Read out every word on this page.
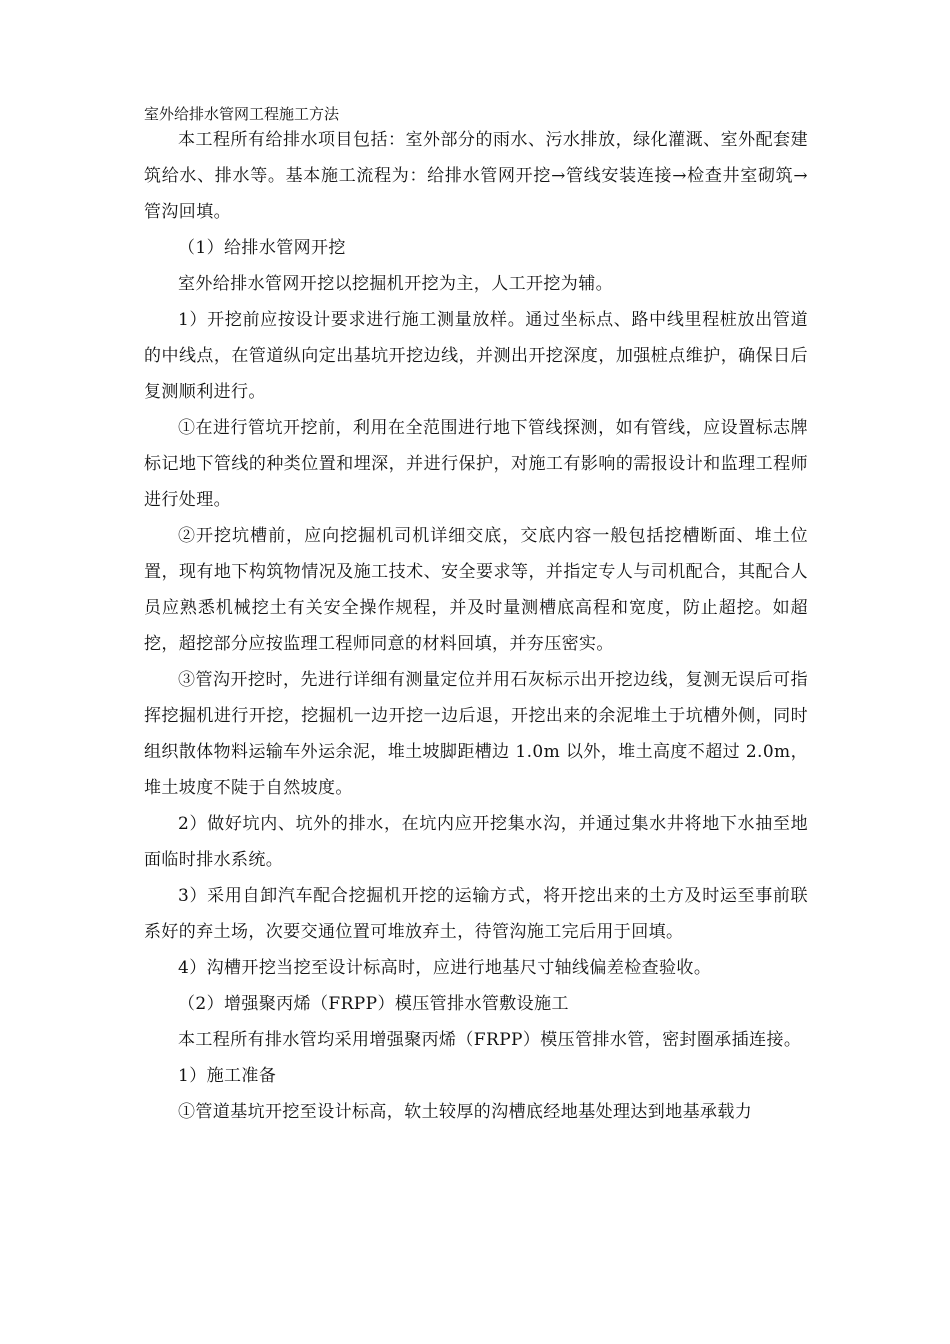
室外给排水管网工程施工方法

本工程所有给排水项目包括：室外部分的雨水、污水排放，绿化灌溉、室外配套建筑给水、排水等。基本施工流程为：给排水管网开挖→管线安装连接→检查井室砌筑→管沟回填。

（1）给排水管网开挖

室外给排水管网开挖以挖掘机开挖为主，人工开挖为辅。

1）开挖前应按设计要求进行施工测量放样。通过坐标点、路中线里程桩放出管道的中线点，在管道纵向定出基坑开挖边线，并测出开挖深度，加强桩点维护，确保日后复测顺利进行。

①在进行管坑开挖前，利用在全范围进行地下管线探测，如有管线，应设置标志牌标记地下管线的种类位置和埋深，并进行保护，对施工有影响的需报设计和监理工程师进行处理。

②开挖坑槽前，应向挖掘机司机详细交底，交底内容一般包括挖槽断面、堆土位置，现有地下构筑物情况及施工技术、安全要求等，并指定专人与司机配合，其配合人员应熟悉机械挖土有关安全操作规程，并及时量测槽底高程和宽度，防止超挖。如超挖，超挖部分应按监理工程师同意的材料回填，并夯压密实。

③管沟开挖时，先进行详细有测量定位并用石灰标示出开挖边线，复测无误后可指挥挖掘机进行开挖，挖掘机一边开挖一边后退，开挖出来的余泥堆土于坑槽外侧，同时组织散体物料运输车外运余泥，堆土坡脚距槽边 1.0m 以外，堆土高度不超过 2.0m，堆土坡度不陡于自然坡度。

2）做好坑内、坑外的排水，在坑内应开挖集水沟，并通过集水井将地下水抽至地面临时排水系统。

3）采用自卸汽车配合挖掘机开挖的运输方式，将开挖出来的土方及时运至事前联系好的弃土场，次要交通位置可堆放弃土，待管沟施工完后用于回填。

4）沟槽开挖当挖至设计标高时，应进行地基尺寸轴线偏差检查验收。

（2）增强聚丙烯（FRPP）模压管排水管敷设施工

本工程所有排水管均采用增强聚丙烯（FRPP）模压管排水管，密封圈承插连接。

1）施工准备

①管道基坑开挖至设计标高，软土较厚的沟槽底经地基处理达到地基承载力
